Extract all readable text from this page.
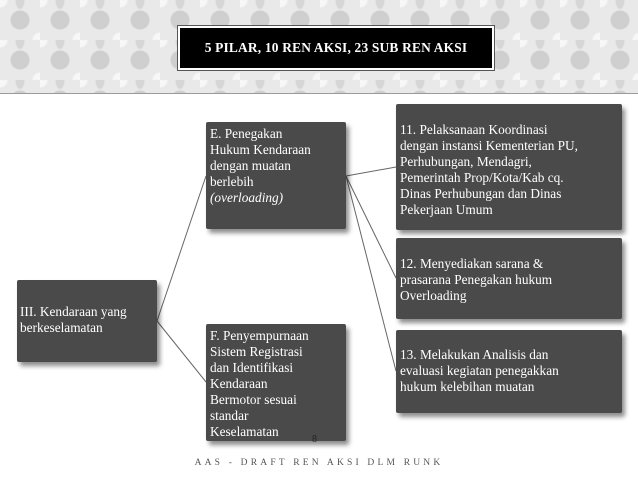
5 PILAR, 10 REN AKSI, 23 SUB REN AKSI
III. Kendaraan yang
berkeselamatan
E. Penegakan
Hukum Kendaraan
dengan muatan
berlebih
(overloading)
F. Penyempurnaan
Sistem Registrasi
dan Identifikasi
Kendaraan
Bermotor sesuai
standar
Keselamatan
11. Pelaksanaan Koordinasi
dengan instansi Kementerian PU,
Perhubungan, Mendagri,
Pemerintah Prop/Kota/Kab cq.
Dinas Perhubungan dan Dinas
Pekerjaan Umum
12. Menyediakan sarana &
prasarana Penegakan hukum
Overloading
13. Melakukan Analisis dan
evaluasi kegiatan penegakkan
hukum kelebihan muatan
8
AAS - DRAFT REN AKSI DLM RUNK
